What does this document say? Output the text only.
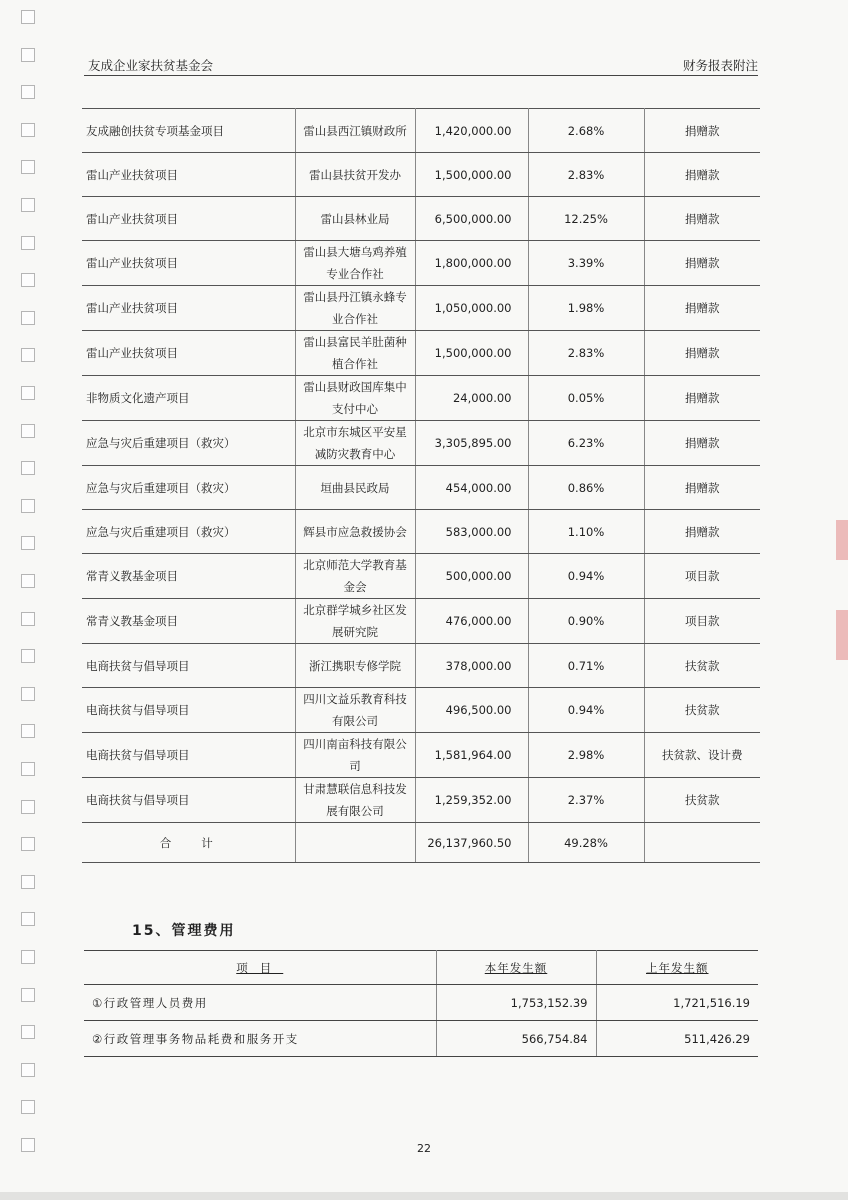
友成企业家扶贫基金会	财务报表附注
友成融创扶贫专项基金项目	雷山县西江镇财政所	1,420,000.00	2.68%	捐赠款
雷山产业扶贫项目	雷山县扶贫开发办	1,500,000.00	2.83%	捐赠款
雷山产业扶贫项目	雷山县林业局	6,500,000.00	12.25%	捐赠款
雷山产业扶贫项目	雷山县大塘乌鸡养殖专业合作社	1,800,000.00	3.39%	捐赠款
雷山产业扶贫项目	雷山县丹江镇永蜂专业合作社	1,050,000.00	1.98%	捐赠款
雷山产业扶贫项目	雷山县富民羊肚菌种植合作社	1,500,000.00	2.83%	捐赠款
非物质文化遗产项目	雷山县财政国库集中支付中心	24,000.00	0.05%	捐赠款
应急与灾后重建项目（救灾）	北京市东城区平安星减防灾教育中心	3,305,895.00	6.23%	捐赠款
应急与灾后重建项目（救灾）	垣曲县民政局	454,000.00	0.86%	捐赠款
应急与灾后重建项目（救灾）	辉县市应急救援协会	583,000.00	1.10%	捐赠款
常青义教基金项目	北京师范大学教育基金会	500,000.00	0.94%	项目款
常青义教基金项目	北京群学城乡社区发展研究院	476,000.00	0.90%	项目款
电商扶贫与倡导项目	浙江携职专修学院	378,000.00	0.71%	扶贫款
电商扶贫与倡导项目	四川文益乐教育科技有限公司	496,500.00	0.94%	扶贫款
电商扶贫与倡导项目	四川南亩科技有限公司	1,581,964.00	2.98%	扶贫款、设计费
电商扶贫与倡导项目	甘肃慧联信息科技发展有限公司	1,259,352.00	2.37%	扶贫款
合计		26,137,960.50	49.28%	
15、管理费用
项目	本年发生额	上年发生额
①行政管理人员费用	1,753,152.39	1,721,516.19
②行政管理事务物品耗费和服务开支	566,754.84	511,426.29
22
